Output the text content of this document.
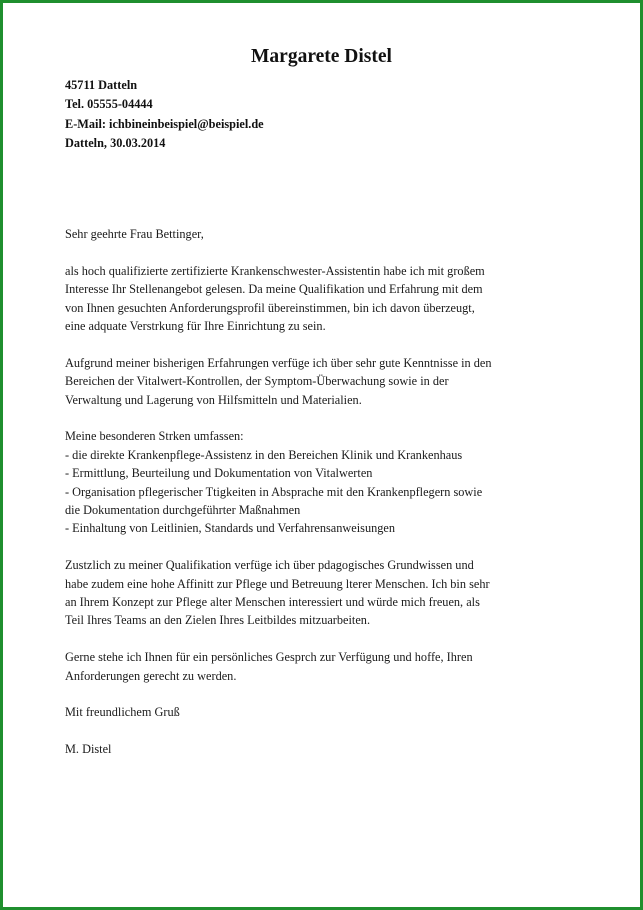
Margarete Distel
45711 Datteln
Tel. 05555-04444
E-Mail: ichbineinbeispiel@beispiel.de
Datteln, 30.03.2014

Sehr geehrte Frau Bettinger,

als hoch qualifizierte zertifizierte Krankenschwester-Assistentin habe ich mit großem
Interesse Ihr Stellenangebot gelesen. Da meine Qualifikation und Erfahrung mit dem
von Ihnen gesuchten Anforderungsprofil übereinstimmen, bin ich davon überzeugt,
eine adquate Verstrkung für Ihre Einrichtung zu sein.

Aufgrund meiner bisherigen Erfahrungen verfüge ich über sehr gute Kenntnisse in den
Bereichen der Vitalwert-Kontrollen, der Symptom-Überwachung sowie in der
Verwaltung und Lagerung von Hilfsmitteln und Materialien.

Meine besonderen Strken umfassen:
- die direkte Krankenpflege-Assistenz in den Bereichen Klinik und Krankenhaus
- Ermittlung, Beurteilung und Dokumentation von Vitalwerten
- Organisation pflegerischer Ttigkeiten in Absprache mit den Krankenpflegern sowie
die Dokumentation durchgeführter Maßnahmen
- Einhaltung von Leitlinien, Standards und Verfahrensanweisungen

Zustzlich zu meiner Qualifikation verfüge ich über pdagogisches Grundwissen und
habe zudem eine hohe Affinitt zur Pflege und Betreuung lterer Menschen. Ich bin sehr
an Ihrem Konzept zur Pflege alter Menschen interessiert und würde mich freuen, als
Teil Ihres Teams an den Zielen Ihres Leitbildes mitzuarbeiten.

Gerne stehe ich Ihnen für ein persönliches Gesprch zur Verfügung und hoffe, Ihren
Anforderungen gerecht zu werden.

Mit freundlichem Gruß

M. Distel
